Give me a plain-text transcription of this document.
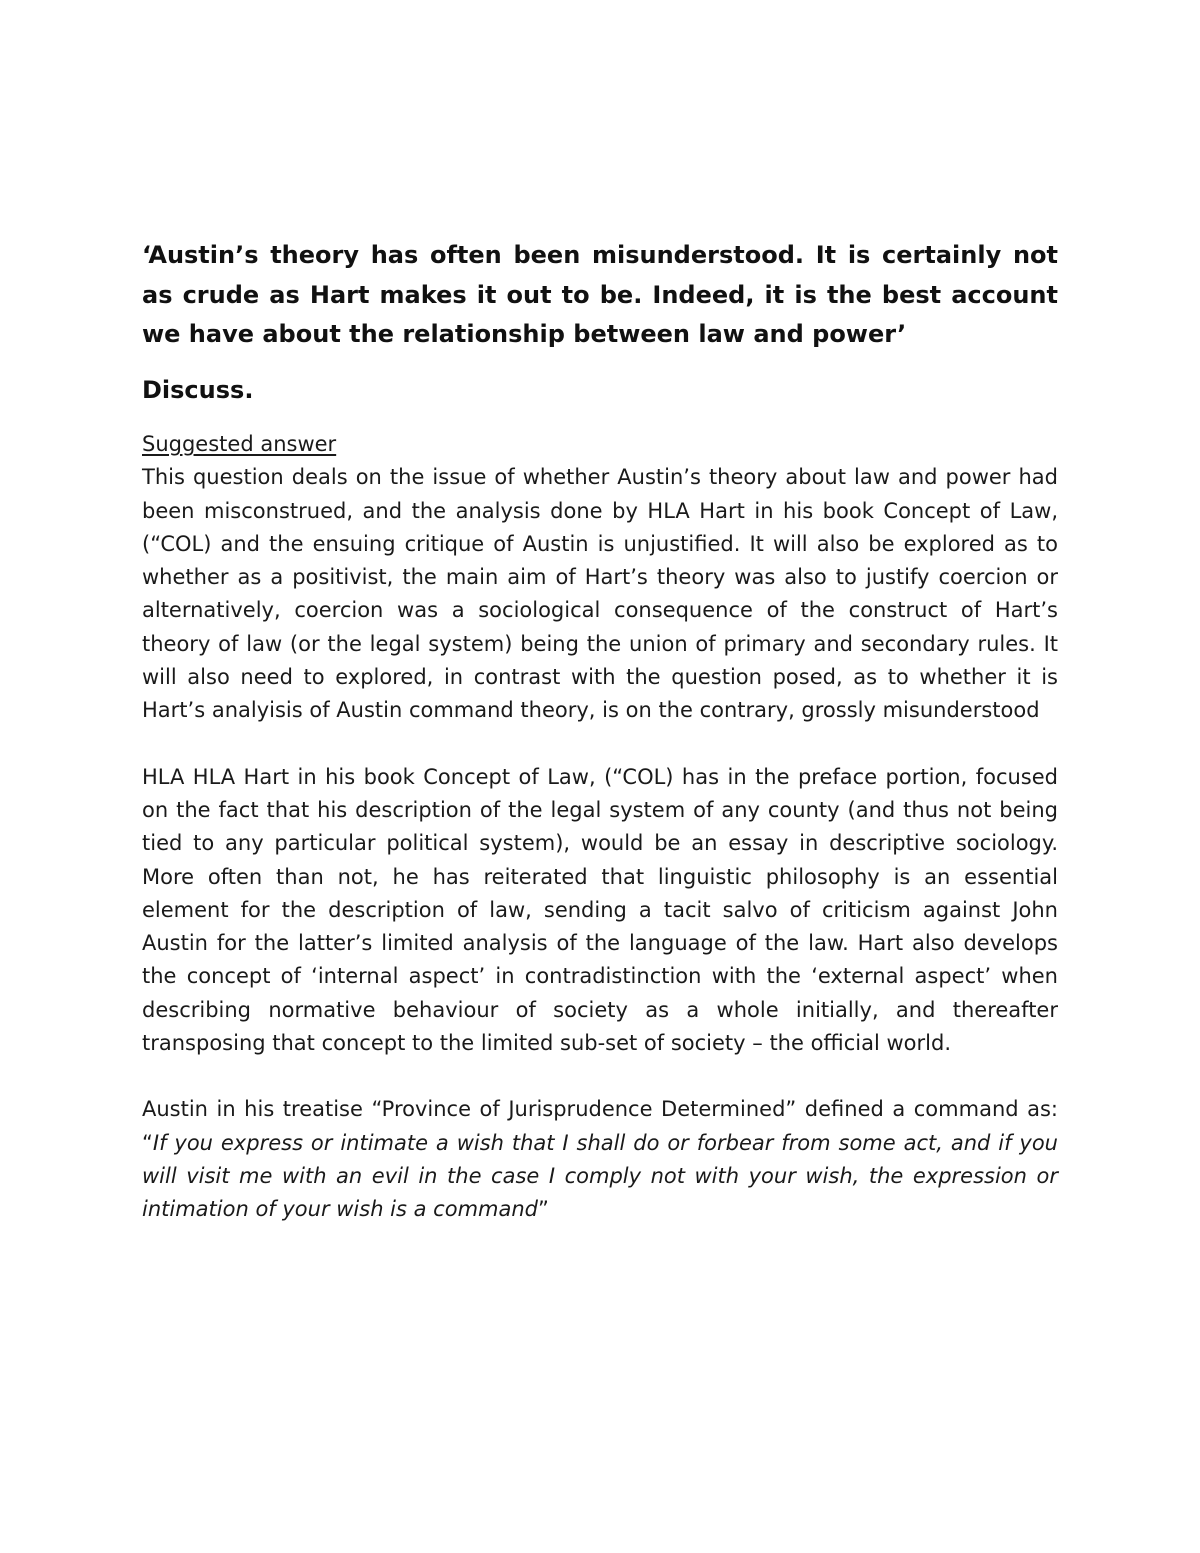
‘Austin’s theory has often been misunderstood. It is certainly not as crude as Hart makes it out to be. Indeed, it is the best account we have about the relationship between law and power’

Discuss.

Suggested answer

This question deals on the issue of whether Austin’s theory about law and power had been misconstrued, and the analysis done by HLA Hart in his book Concept of Law, (“COL) and the ensuing critique of Austin is unjustified. It will also be explored as to whether as a positivist, the main aim of Hart’s theory was also to justify coercion or alternatively, coercion was a sociological consequence of the construct of Hart’s theory of law (or the legal system) being the union of primary and secondary rules. It will also need to explored, in contrast with the question posed, as to whether it is Hart’s analyisis of Austin command theory, is on the contrary, grossly misunderstood

HLA HLA Hart in his book Concept of Law, (“COL) has in the preface portion, focused on the fact that his description of the legal system of any county (and thus not being tied to any particular political system), would be an essay in descriptive sociology. More often than not, he has reiterated that linguistic philosophy is an essential element for the description of law, sending a tacit salvo of criticism against John Austin for the latter’s limited analysis of the language of the law. Hart also develops the concept of ‘internal aspect’ in contradistinction with the ‘external aspect’ when describing normative behaviour of society as a whole initially, and thereafter transposing that concept to the limited sub-set of society – the official world.

Austin in his treatise “Province of Jurisprudence Determined” defined a command as: “If you express or intimate a wish that I shall do or forbear from some act, and if you will visit me with an evil in the case I comply not with your wish, the expression or intimation of your wish is a command”
